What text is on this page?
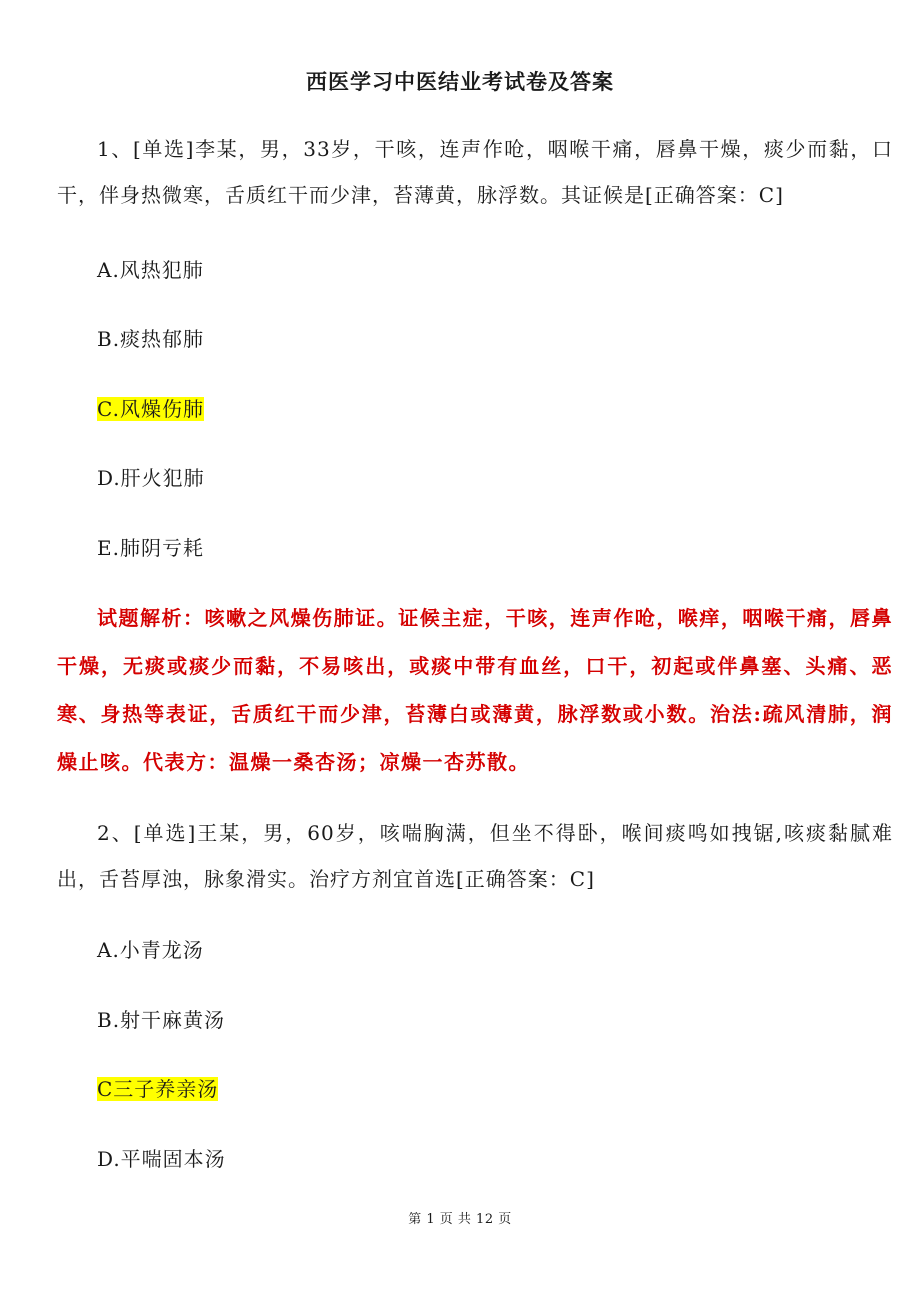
西医学习中医结业考试卷及答案
1、[单选]李某，男，33岁，干咳，连声作呛，咽喉干痛，唇鼻干燥，痰少而黏，口干，伴身热微寒，舌质红干而少津，苔薄黄，脉浮数。其证候是[正确答案：C]
A.风热犯肺
B.痰热郁肺
C.风燥伤肺
D.肝火犯肺
E.肺阴亏耗
试题解析：咳嗽之风燥伤肺证。证候主症，干咳，连声作呛，喉痒，咽喉干痛，唇鼻干燥，无痰或痰少而黏，不易咳出，或痰中带有血丝，口干，初起或伴鼻塞、头痛、恶寒、身热等表证，舌质红干而少津，苔薄白或薄黄，脉浮数或小数。治法:疏风清肺，润燥止咳。代表方：温燥一桑杏汤；凉燥一杏苏散。
2、[单选]王某，男，60岁，咳喘胸满，但坐不得卧，喉间痰鸣如拽锯,咳痰黏腻难出，舌苔厚浊，脉象滑实。治疗方剂宜首选[正确答案：C]
A.小青龙汤
B.射干麻黄汤
C三子养亲汤
D.平喘固本汤
第 1 页 共 12 页
